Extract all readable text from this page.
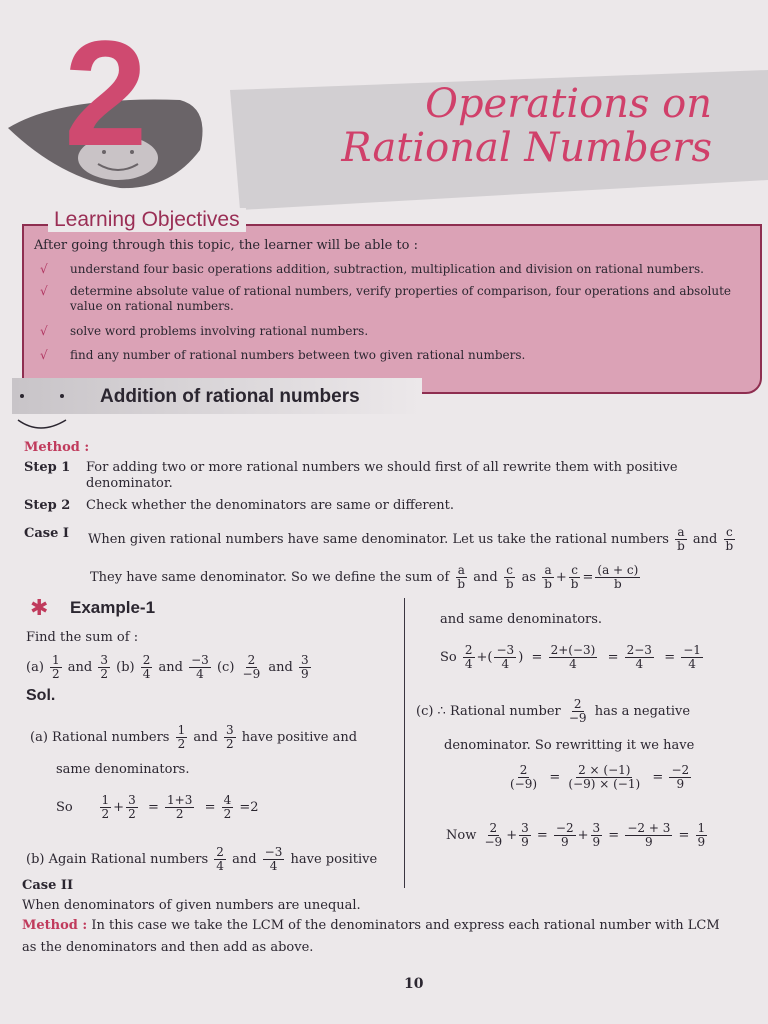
2	Operations on
Rational Numbers
Learning Objectives
After going through this topic, the learner will be able to :
√ understand four basic operations addition, subtraction, multiplication and division on rational numbers.
√ determine absolute value of rational numbers, verify properties of comparison, four operations and absolute value on rational numbers.
√ solve word problems involving rational numbers.
√ find any number of rational numbers between two given rational numbers.
Addition of rational numbers
Method :
Step 1 For adding two or more rational numbers we should first of all rewrite them with positive denominator.
Step 2 Check whether the denominators are same or different.
Case I When given rational numbers have same denominator. Let us take the rational numbers $\frac{a}{b}$ and $\frac{c}{b}$
They have same denominator. So we define the sum of $\frac{a}{b}$ and $\frac{c}{b}$ as $\frac{a}{b} + \frac{c}{b} = \frac{(a + c)}{b}$
✱	Example-1
Find the sum of :
$(a) \frac{1}{2}$ and $\frac{3}{2} (b) \frac{2}{4}$ and $\frac{-3}{4} (c) \frac{2}{-9}$ and $\frac{3}{9}$
Sol.
(a) Rational numbers $\frac{1}{2}$ and $\frac{3}{2}$ have positive and
same denominators.
So $\frac{1}{2} + \frac{3}{2} = \frac{1+3}{2} = \frac{4}{2} =2$
(b) Again Rational numbers $\frac{2}{4}$ and $\frac{-3}{4}$ have positive
and same denominators.
So $\frac{2}{4}$ +( $\frac{-3}{4}$ )  = $\frac{2+(-3)}{4} = \frac{2-3}{4} = \frac{-1}{4}$
(c) ∴ Rational number $\frac{2}{-9}$ has a negative
denominator. So rewritting it we have
$\frac{2}{(-9)} = \frac{2 \times (-1)}{(-9) \times (-1)} = \frac{-2}{9}$
Now $\frac{2}{-9} + \frac{3}{9} = \frac{-2}{9} + \frac{3}{9} = \frac{-2 + 3}{9} = \frac{1}{9}$
Case II
When denominators of given numbers are unequal.
Method : In this case we take the LCM of the denominators and express each rational number with LCM
as the denominators and then add as above.
10
